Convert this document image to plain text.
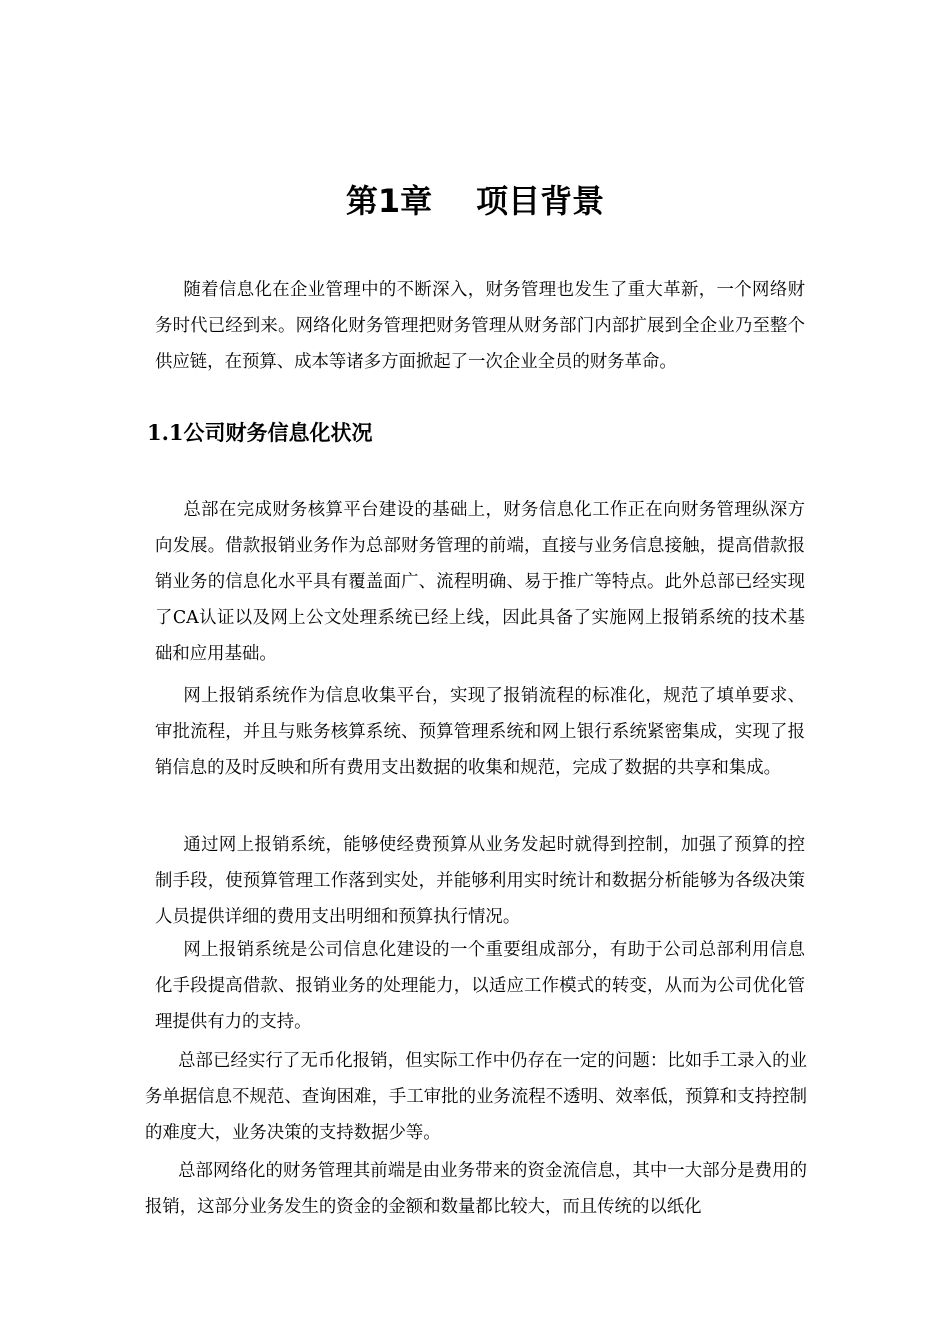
第1章 项目背景

随着信息化在企业管理中的不断深入，财务管理也发生了重大革新，一个网络财务时代已经到来。网络化财务管理把财务管理从财务部门内部扩展到全企业乃至整个供应链，在预算、成本等诸多方面掀起了一次企业全员的财务革命。

1.1公司财务信息化状况

总部在完成财务核算平台建设的基础上，财务信息化工作正在向财务管理纵深方向发展。借款报销业务作为总部财务管理的前端，直接与业务信息接触，提高借款报销业务的信息化水平具有覆盖面广、流程明确、易于推广等特点。此外总部已经实现了CA认证以及网上公文处理系统已经上线，因此具备了实施网上报销系统的技术基础和应用基础。

网上报销系统作为信息收集平台，实现了报销流程的标准化，规范了填单要求、审批流程，并且与账务核算系统、预算管理系统和网上银行系统紧密集成，实现了报销信息的及时反映和所有费用支出数据的收集和规范，完成了数据的共享和集成。

通过网上报销系统，能够使经费预算从业务发起时就得到控制，加强了预算的控制手段，使预算管理工作落到实处，并能够利用实时统计和数据分析能够为各级决策人员提供详细的费用支出明细和预算执行情况。

网上报销系统是公司信息化建设的一个重要组成部分，有助于公司总部利用信息化手段提高借款、报销业务的处理能力，以适应工作模式的转变，从而为公司优化管理提供有力的支持。

总部已经实行了无币化报销，但实际工作中仍存在一定的问题：比如手工录入的业务单据信息不规范、查询困难，手工审批的业务流程不透明、效率低，预算和支持控制的难度大，业务决策的支持数据少等。

总部网络化的财务管理其前端是由业务带来的资金流信息，其中一大部分是费用的报销，这部分业务发生的资金的金额和数量都比较大，而且传统的以纸化
